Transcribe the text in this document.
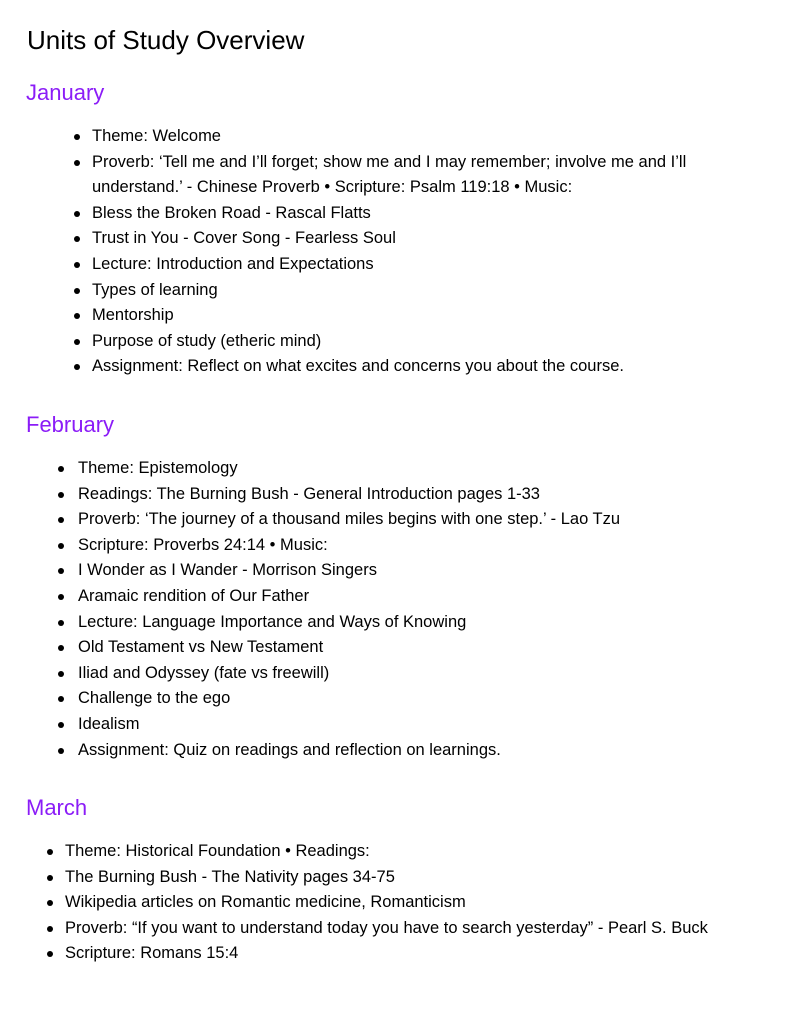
Units of Study Overview
January
Theme: Welcome
Proverb: ‘Tell me and I’ll forget; show me and I may remember; involve me and I’ll understand.’ - Chinese Proverb • Scripture: Psalm 119:18 • Music:
Bless the Broken Road - Rascal Flatts
Trust in You - Cover Song - Fearless Soul
Lecture: Introduction and Expectations
Types of learning
Mentorship
Purpose of study (etheric mind)
Assignment: Reflect on what excites and concerns you about the course.
February
Theme: Epistemology
Readings: The Burning Bush - General Introduction pages 1-33
Proverb: ‘The journey of a thousand miles begins with one step.’ - Lao Tzu
Scripture: Proverbs 24:14 • Music:
I Wonder as I Wander - Morrison Singers
Aramaic rendition of Our Father
Lecture: Language Importance and Ways of Knowing
Old Testament vs New Testament
Iliad and Odyssey (fate vs freewill)
Challenge to the ego
Idealism
Assignment: Quiz on readings and reflection on learnings.
March
Theme: Historical Foundation • Readings:
The Burning Bush - The Nativity pages 34-75
Wikipedia articles on Romantic medicine, Romanticism
Proverb: “If you want to understand today you have to search yesterday” - Pearl S. Buck
Scripture: Romans 15:4
